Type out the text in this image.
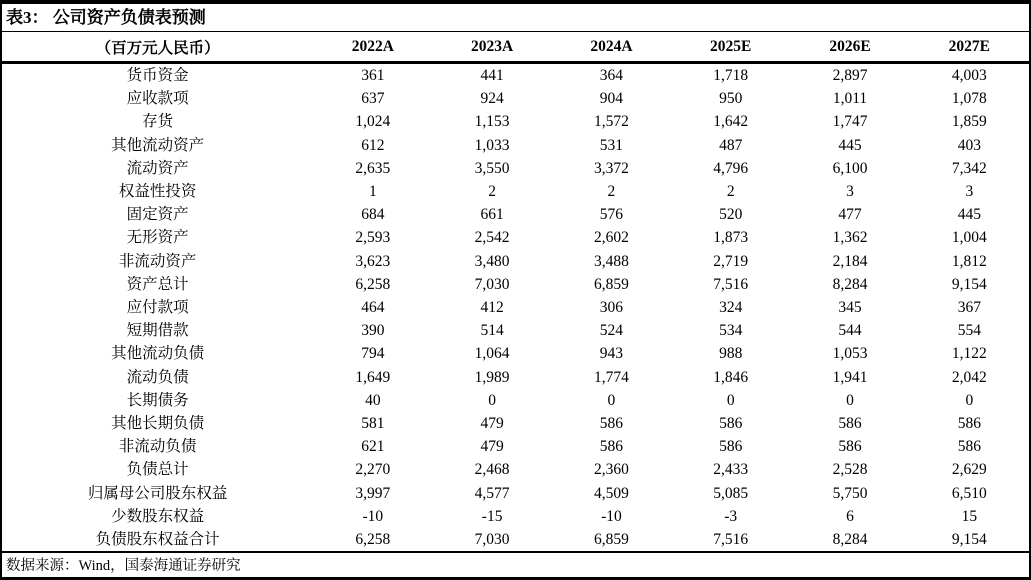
表3： 公司资产负债表预测
（百万元人民币）	2022A	2023A	2024A	2025E	2026E	2027E
货币资金	361	441	364	1,718	2,897	4,003
应收款项	637	924	904	950	1,011	1,078
存货	1,024	1,153	1,572	1,642	1,747	1,859
其他流动资产	612	1,033	531	487	445	403
流动资产	2,635	3,550	3,372	4,796	6,100	7,342
权益性投资	1	2	2	2	3	3
固定资产	684	661	576	520	477	445
无形资产	2,593	2,542	2,602	1,873	1,362	1,004
非流动资产	3,623	3,480	3,488	2,719	2,184	1,812
资产总计	6,258	7,030	6,859	7,516	8,284	9,154
应付款项	464	412	306	324	345	367
短期借款	390	514	524	534	544	554
其他流动负债	794	1,064	943	988	1,053	1,122
流动负债	1,649	1,989	1,774	1,846	1,941	2,042
长期债务	40	0	0	0	0	0
其他长期负债	581	479	586	586	586	586
非流动负债	621	479	586	586	586	586
负债总计	2,270	2,468	2,360	2,433	2,528	2,629
归属母公司股东权益	3,997	4,577	4,509	5,085	5,750	6,510
少数股东权益	-10	-15	-10	-3	6	15
负债股东权益合计	6,258	7,030	6,859	7,516	8,284	9,154
数据来源：Wind，国泰海通证券研究
